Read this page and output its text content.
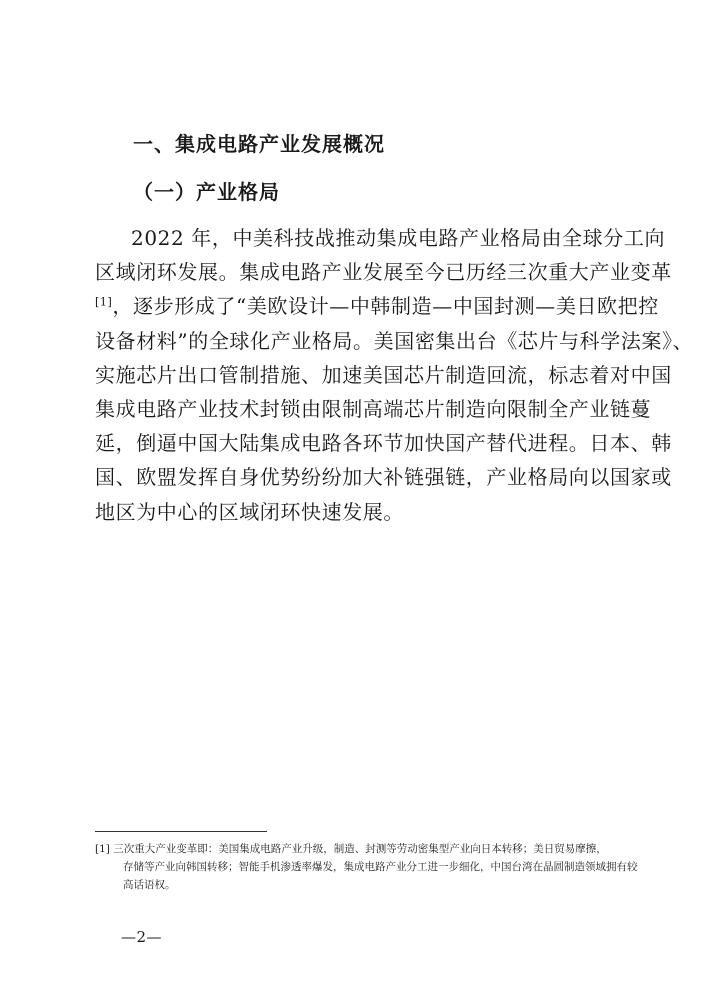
一、集成电路产业发展概况
（一）产业格局
2022 年，中美科技战推动集成电路产业格局由全球分工向
区域闭环发展。集成电路产业发展至今已历经三次重大产业变革
[1]，逐步形成了“美欧设计—中韩制造—中国封测—美日欧把控
设备材料”的全球化产业格局。美国密集出台《芯片与科学法案》、
实施芯片出口管制措施、加速美国芯片制造回流，标志着对中国
集成电路产业技术封锁由限制高端芯片制造向限制全产业链蔓
延，倒逼中国大陆集成电路各环节加快国产替代进程。日本、韩
国、欧盟发挥自身优势纷纷加大补链强链，产业格局向以国家或
地区为中心的区域闭环快速发展。
[1] 三次重大产业变革即：美国集成电路产业升级，制造、封测等劳动密集型产业向日本转移；美日贸易摩擦，
存储等产业向韩国转移；智能手机渗透率爆发，集成电路产业分工进一步细化，中国台湾在晶圆制造领域拥有较
高话语权。
—2—
